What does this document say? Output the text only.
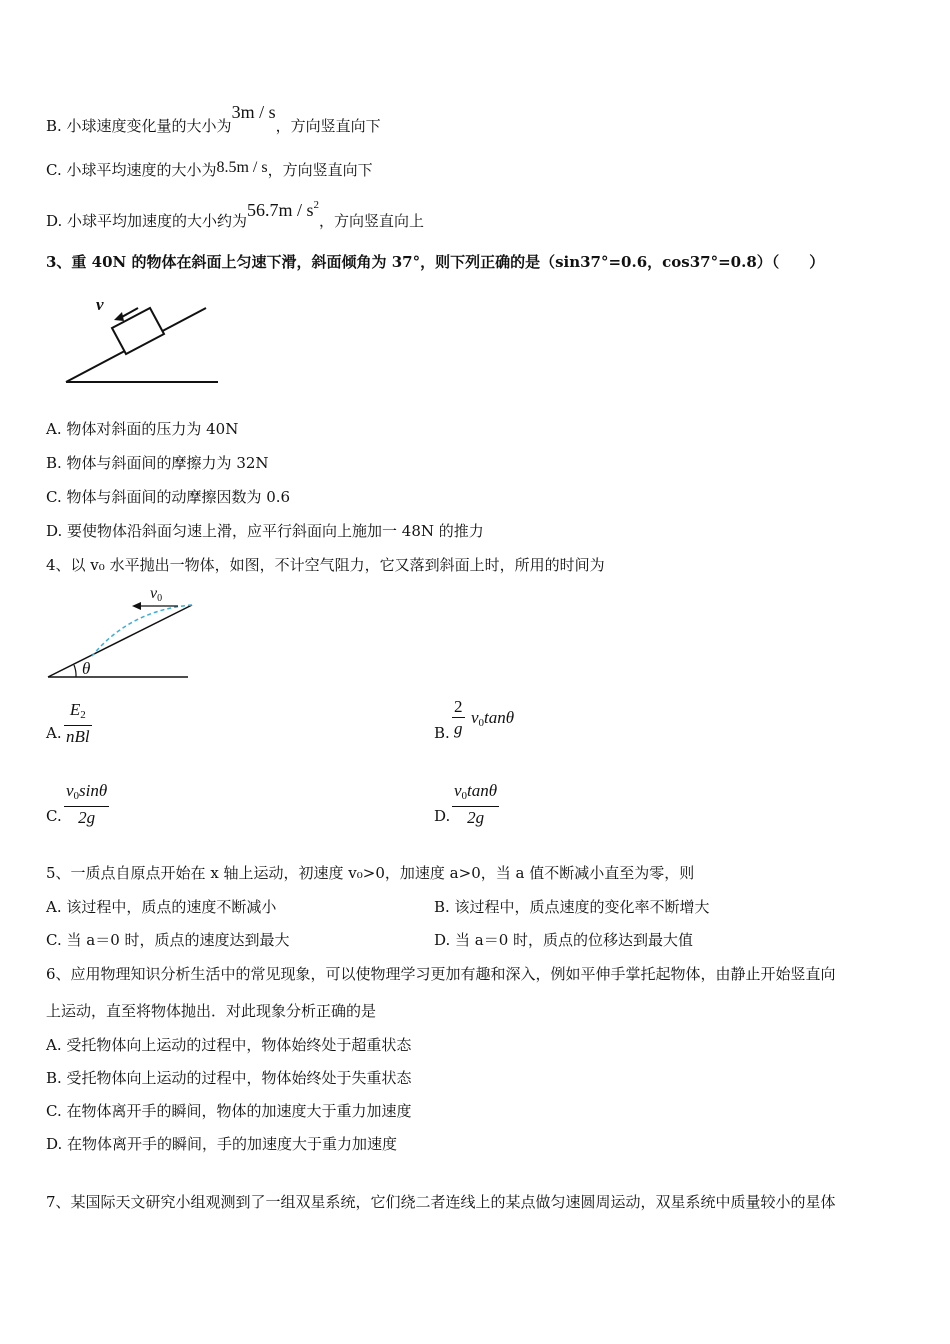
B. 小球速度变化量的大小为3m / s，方向竖直向下
C. 小球平均速度的大小为8.5m / s，方向竖直向下
D. 小球平均加速度的大小约为$56.7m / s^2$，方向竖直向上
3、重 40N 的物体在斜面上匀速下滑，斜面倾角为 37°，则下列正确的是（sin37°=0.6，cos37°=0.8）（　　）
v
A. 物体对斜面的压力为 40N
B. 物体与斜面间的摩擦力为 32N
C. 物体与斜面间的动摩擦因数为 0.6
D. 要使物体沿斜面匀速上滑，应平行斜面向上施加一 48N 的推力
4、以 v₀ 水平抛出一物体，如图，不计空气阻力，它又落到斜面上时，所用的时间为
v0
θ
A.
$E_2$
nBl	B.
2
g
$v_0\tan\theta$
C.
$v_0\sin\theta$
2g	D.
$v_0\tan\theta$
2g
5、一质点自原点开始在 x 轴上运动，初速度 v₀>0，加速度 a>0，当 a 值不断减小直至为零，则
A. 该过程中，质点的速度不断减小	B. 该过程中，质点速度的变化率不断增大
C. 当 a＝0 时，质点的速度达到最大	D. 当 a＝0 时，质点的位移达到最大值
6、应用物理知识分析生活中的常见现象，可以使物理学习更加有趣和深入，例如平伸手掌托起物体，由静止开始竖直向
上运动，直至将物体抛出．对此现象分析正确的是
A. 受托物体向上运动的过程中，物体始终处于超重状态
B. 受托物体向上运动的过程中，物体始终处于失重状态
C. 在物体离开手的瞬间，物体的加速度大于重力加速度
D. 在物体离开手的瞬间，手的加速度大于重力加速度
7、某国际天文研究小组观测到了一组双星系统，它们绕二者连线上的某点做匀速圆周运动，双星系统中质量较小的星体
